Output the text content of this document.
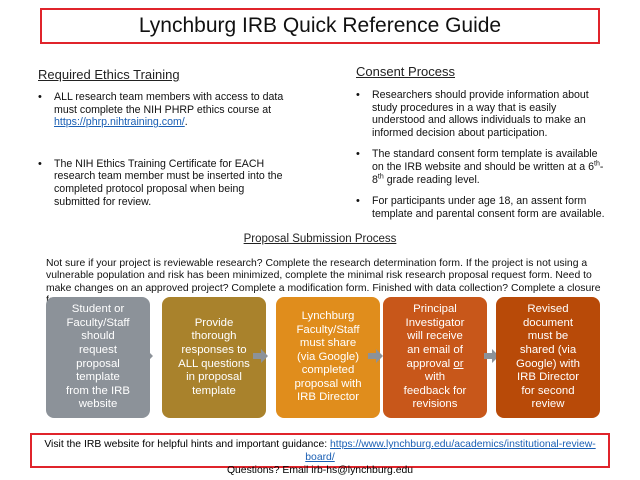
Lynchburg IRB Quick Reference Guide
Required Ethics Training
• ALL research team members with access to data must complete the NIH PHRP ethics course at https://phrp.nihtraining.com/.
• The NIH Ethics Training Certificate for EACH research team member must be inserted into the completed protocol proposal when being submitted for review.
Consent Process
• Researchers should provide information about study procedures in a way that is easily understood and allows individuals to make an informed decision about participation.
• The standard consent form template is available on the IRB website and should be written at a 6th-8th grade reading level.
• For participants under age 18, an assent form template and parental consent form are available.
Proposal Submission Process
Not sure if your project is reviewable research? Complete the research determination form. If the project is not using a vulnerable population and risk has been minimized, complete the minimal risk research proposal request form. Need to make changes on an approved project? Complete a modification form. Finished with data collection? Complete a closure
Student or
Faculty/Staff
should
request
proposal
template
from the IRB
website
Provide
thorough
responses to
ALL questions
in proposal
template
Lynchburg
Faculty/Staff
must share
(via Google)
completed
proposal with
IRB Director
Principal
Investigator
will receive
an email of
approval or
with
feedback for
revisions
Revised
document
must be
shared (via
Google) with
IRB Director
for second
review
Visit the IRB website for helpful hints and important guidance: https://www.lynchburg.edu/academics/institutional-review-board/
Questions? Email irb-hs@lynchburg.edu
